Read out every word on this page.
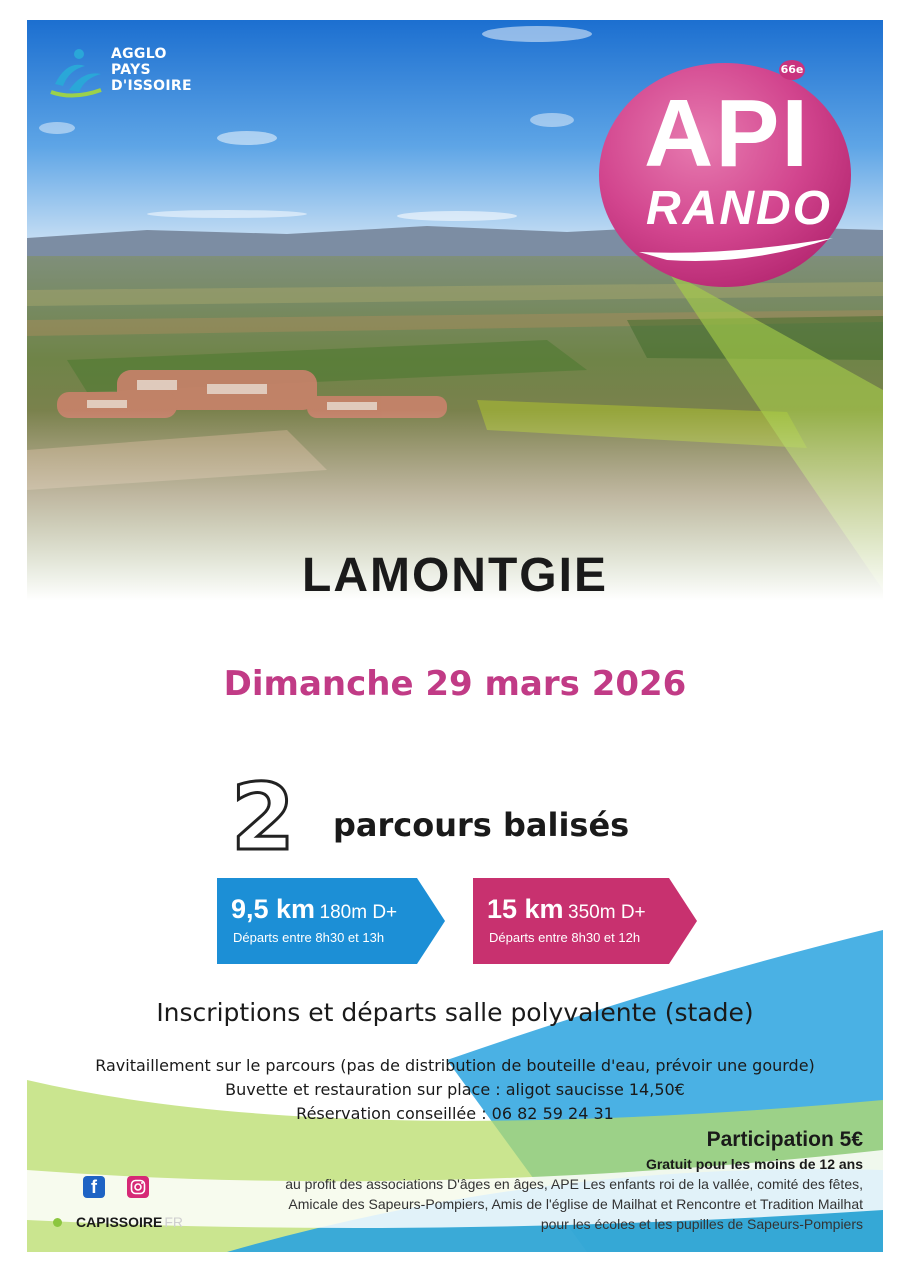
AGGLO
PAYS
D'ISSOIRE
66e
API
RANDO
LAMONTGIE
Dimanche 29 mars 2026
2 parcours balisés
9,5 km 180m D+
Départs entre 8h30 et 13h
15 km 350m D+
Départs entre 8h30 et 12h
Inscriptions et départs salle polyvalente (stade)
Ravitaillement sur le parcours (pas de distribution de bouteille d'eau, prévoir une gourde)
Buvette et restauration sur place : aligot saucisse 14,50€
Réservation conseillée : 06 82 59 24 31
Participation 5€
Gratuit pour les moins de 12 ans
au profit des associations D'âges en âges, APE Les enfants roi de la vallée, comité des fêtes,
Amicale des Sapeurs-Pompiers, Amis de l'église de Mailhat et Rencontre et Tradition Mailhat
pour les écoles et les pupilles de Sapeurs-Pompiers
f
CAPISSOIRE FR
